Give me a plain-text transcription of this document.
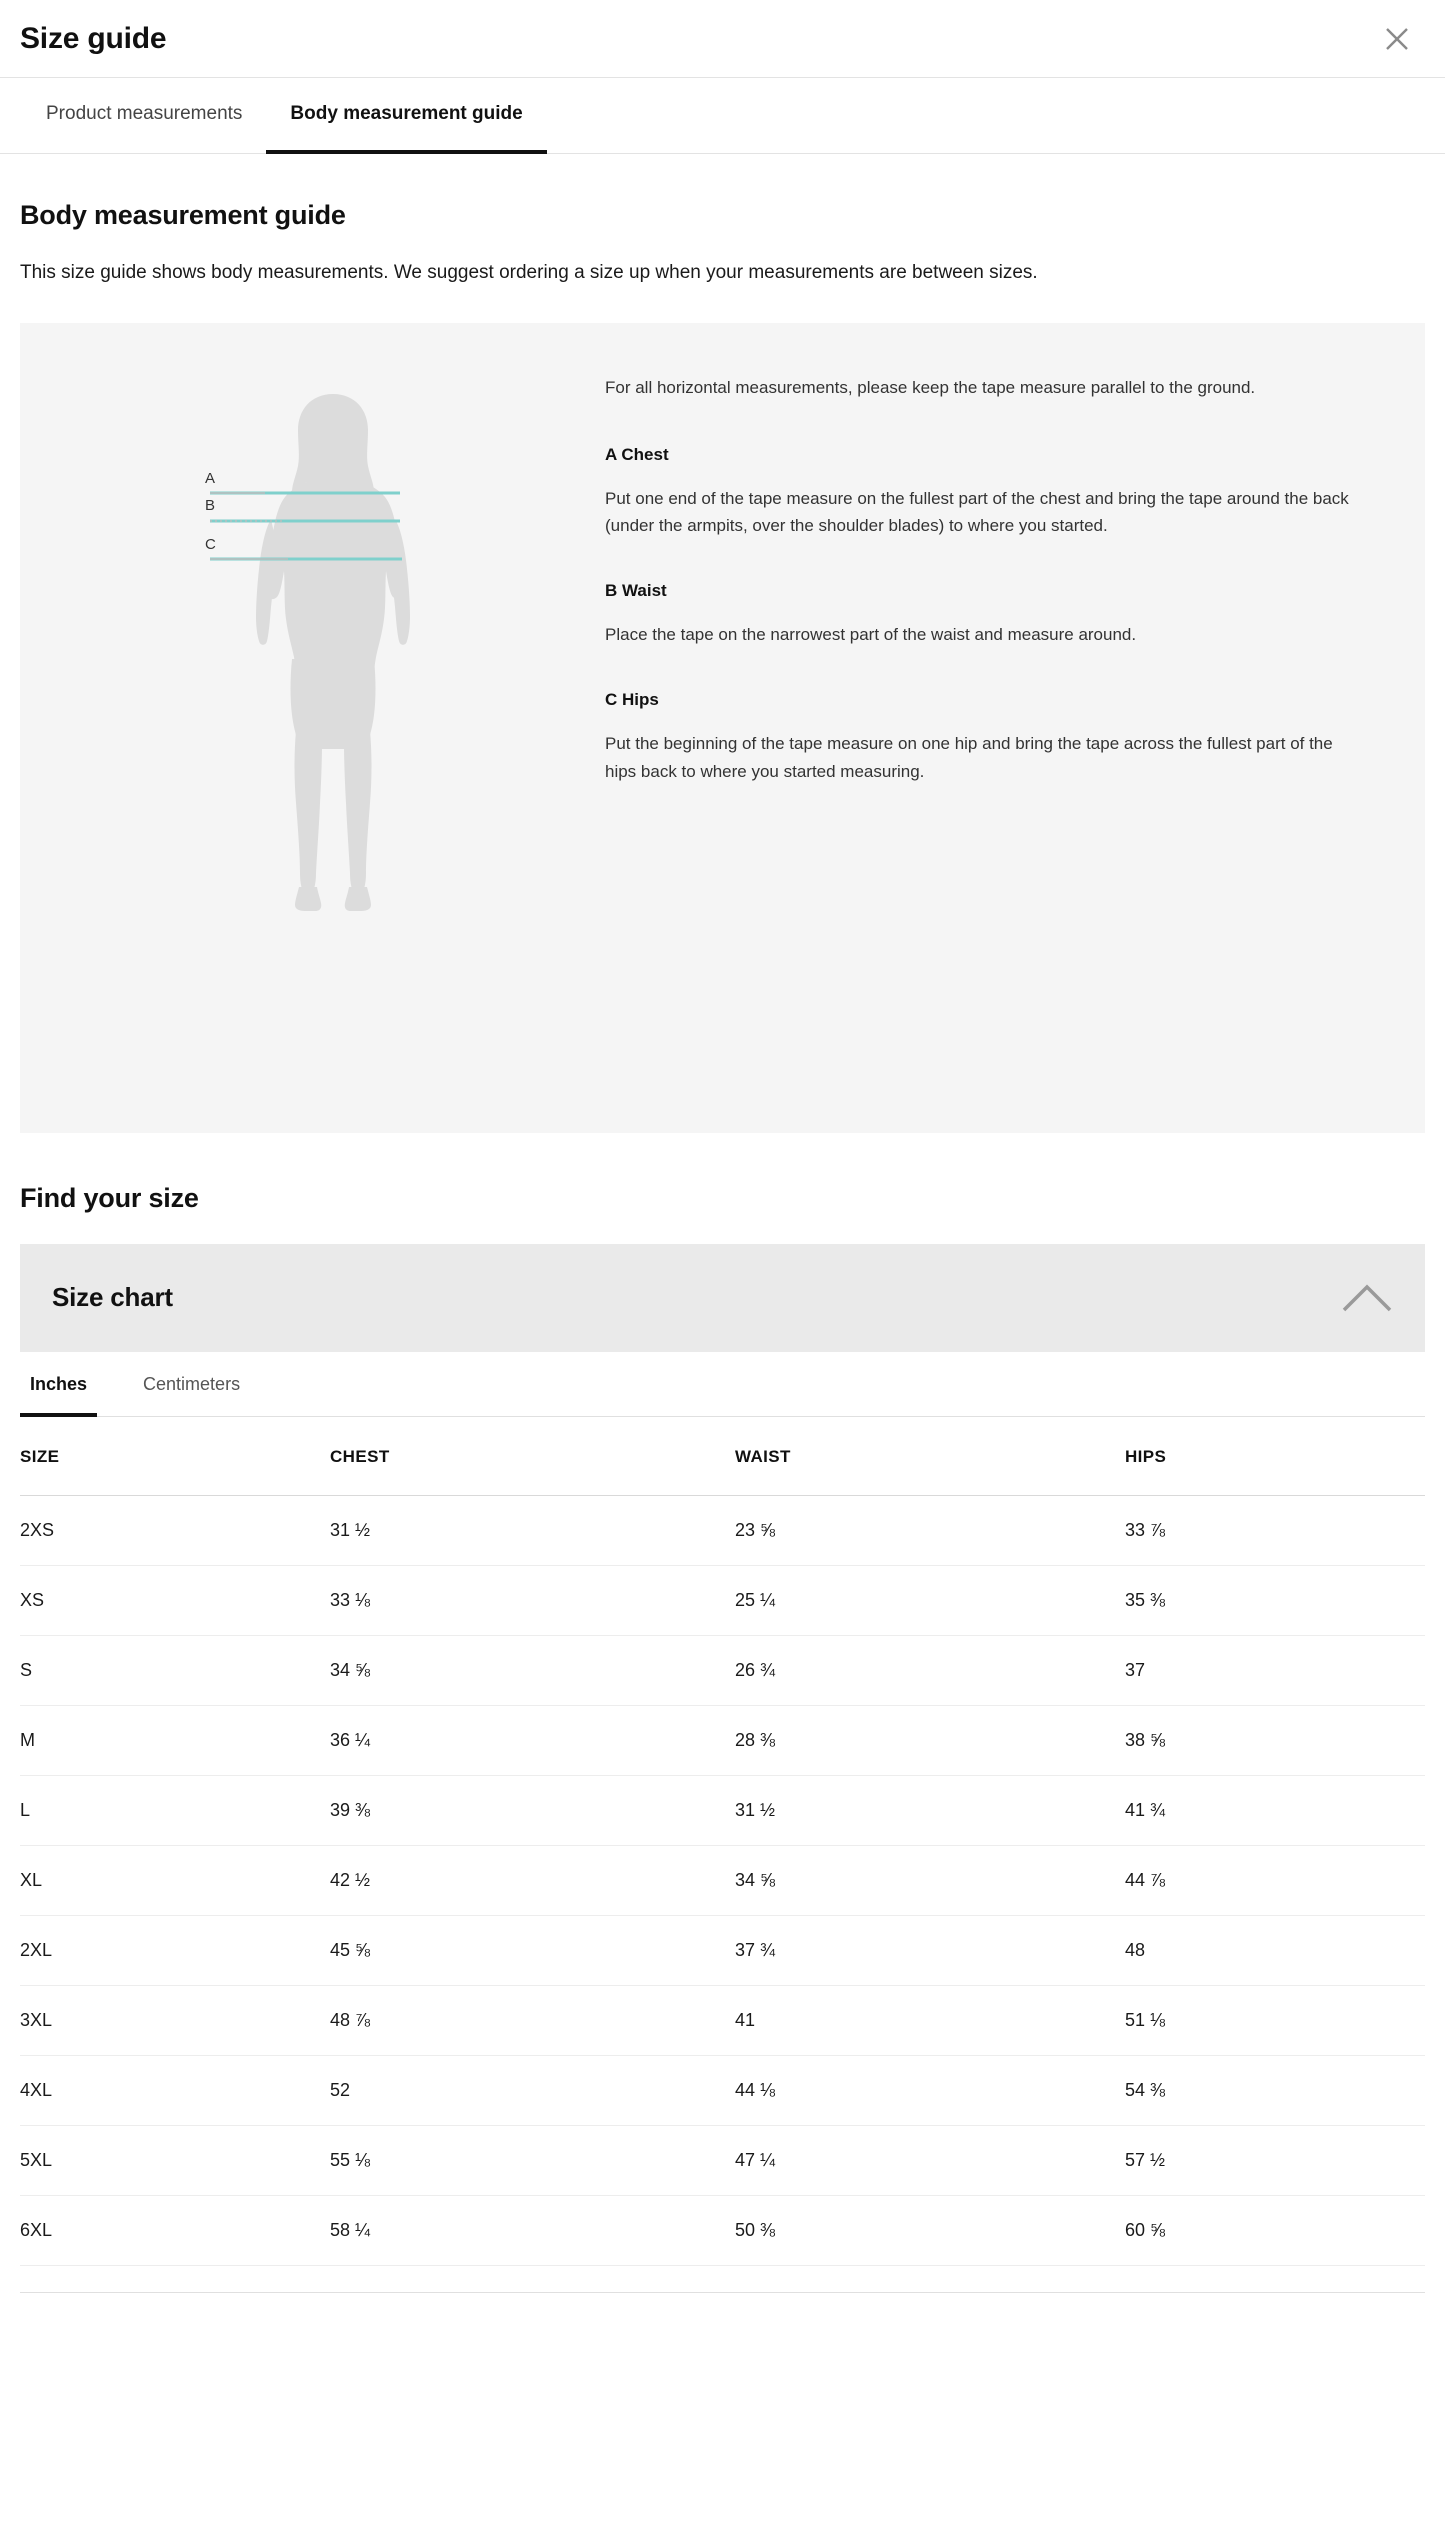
Size guide
Product measurements	Body measurement guide
Body measurement guide

This size guide shows body measurements. We suggest ordering a size up when your measurements are between sizes.

A
B
C

For all horizontal measurements, please keep the tape measure parallel to the ground.

A Chest

Put one end of the tape measure on the fullest part of the chest and bring the tape around the back (under the armpits, over the shoulder blades) to where you started.

B Waist

Place the tape on the narrowest part of the waist and measure around.

C Hips

Put the beginning of the tape measure on one hip and bring the tape across the fullest part of the hips back to where you started measuring.

Find your size
Size chart
Inches	Centimeters
SIZE	CHEST	WAIST	HIPS
2XS	31 ½	23 ⅝	33 ⅞
XS	33 ⅛	25 ¼	35 ⅜
S	34 ⅝	26 ¾	37
M	36 ¼	28 ⅜	38 ⅝
L	39 ⅜	31 ½	41 ¾
XL	42 ½	34 ⅝	44 ⅞
2XL	45 ⅝	37 ¾	48
3XL	48 ⅞	41	51 ⅛
4XL	52	44 ⅛	54 ⅜
5XL	55 ⅛	47 ¼	57 ½
6XL	58 ¼	50 ⅜	60 ⅝
